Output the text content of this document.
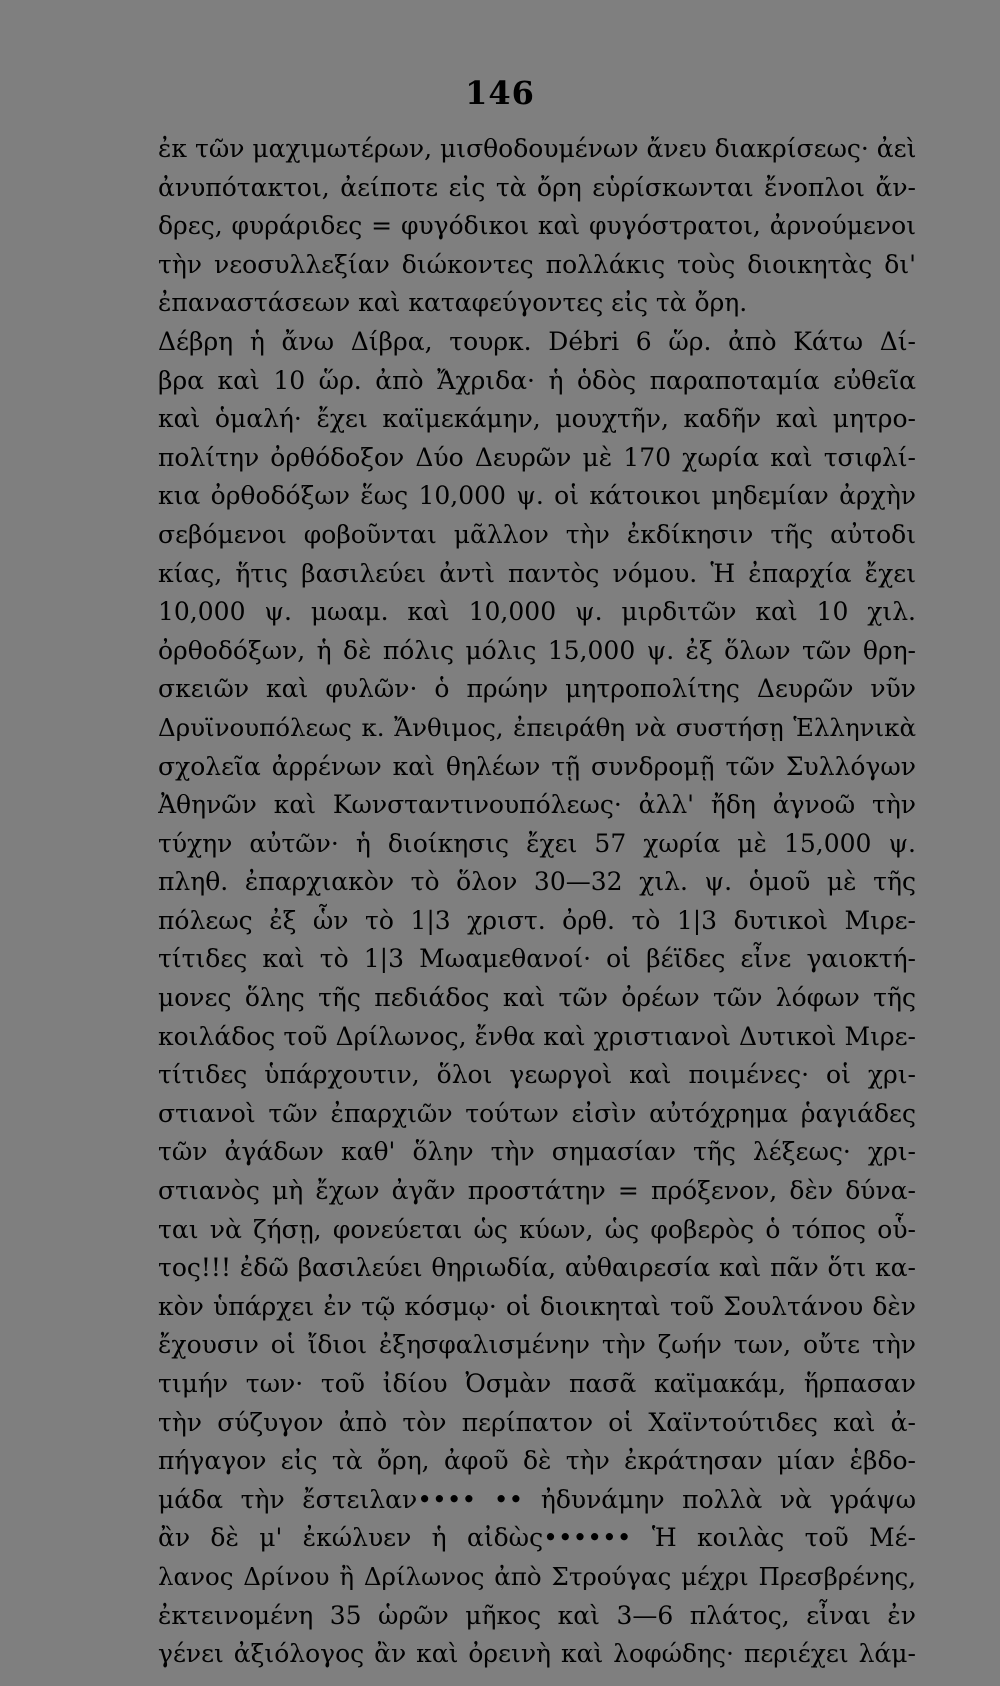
146
ἐκ τῶν μαχιμωτέρων, μισθοδουμένων ἄνευ διακρίσεως· ἀεὶ
ἀνυπότακτοι, ἀείποτε εἰς τὰ ὄρη εὑρίσκωνται ἔνοπλοι ἄν-
δρες, φυράριδες = φυγόδικοι καὶ φυγόστρατοι, ἀρνούμενοι
τὴν νεοσυλλεξίαν διώκοντες πολλάκις τοὺς διοικητὰς δι'
ἐπαναστάσεων καὶ καταφεύγοντες εἰς τὰ ὄρη.
Δέβρη ἡ ἄνω Δίβρα, τουρκ. Débri 6 ὥρ. ἀπὸ Κάτω Δί-
βρα καὶ 10 ὥρ. ἀπὸ Ἄχριδα· ἡ ὁδὸς παραποταμία εὐθεῖα
καὶ ὁμαλή· ἔχει καϊμεκάμην, μουχτῆν, καδῆν καὶ μητρο-
πολίτην ὀρθόδοξον Δύο Δευρῶν μὲ 170 χωρία καὶ τσιφλί-
κια ὀρθοδόξων ἕως 10,000 ψ. οἱ κάτοικοι μηδεμίαν ἀρχὴν
σεβόμενοι φοβοῦνται μᾶλλον τὴν ἐκδίκησιν τῆς αὐτοδι
κίας, ἥτις βασιλεύει ἀντὶ παντὸς νόμου. Ἡ ἐπαρχία ἔχει
10,000 ψ. μωαμ. καὶ 10,000 ψ. μιρδιτῶν καὶ 10 χιλ.
ὀρθοδόξων, ἡ δὲ πόλις μόλις 15,000 ψ. ἐξ ὅλων τῶν θρη-
σκειῶν καὶ φυλῶν· ὁ πρώην μητροπολίτης Δευρῶν νῦν
Δρυϊνουπόλεως κ. Ἄνθιμος, ἐπειράθη νὰ συστήσῃ Ἑλληνικὰ
σχολεῖα ἀρρένων καὶ θηλέων τῇ συνδρομῇ τῶν Συλλόγων
Ἀθηνῶν καὶ Κωνσταντινουπόλεως· ἀλλ' ἤδη ἀγνοῶ τὴν
τύχην αὐτῶν· ἡ διοίκησις ἔχει 57 χωρία μὲ 15,000 ψ.
πληθ. ἐπαρχιακὸν τὸ ὅλον 30—32 χιλ. ψ. ὁμοῦ μὲ τῆς
πόλεως ἐξ ὧν τὸ 1|3 χριστ. ὀρθ. τὸ 1|3 δυτικοὶ Μιρε-
τίτιδες καὶ τὸ 1|3 Μωαμεθανοί· οἱ βέϊδες εἶνε γαιοκτή-
μονες ὅλης τῆς πεδιάδος καὶ τῶν ὀρέων τῶν λόφων τῆς
κοιλάδος τοῦ Δρίλωνος, ἔνθα καὶ χριστιανοὶ Δυτικοὶ Μιρε-
τίτιδες ὑπάρχουτιν, ὅλοι γεωργοὶ καὶ ποιμένες· οἱ χρι-
στιανοὶ τῶν ἐπαρχιῶν τούτων εἰσὶν αὐτόχρημα ῥαγιάδες
τῶν ἀγάδων καθ' ὅλην τὴν σημασίαν τῆς λέξεως· χρι-
στιανὸς μὴ ἔχων ἀγᾶν προστάτην = πρόξενον, δὲν δύνα-
ται νὰ ζήσῃ, φονεύεται ὡς κύων, ὡς φοβερὸς ὁ τόπος οὗ-
τος!!! ἐδῶ βασιλεύει θηριωδία, αὐθαιρεσία καὶ πᾶν ὅτι κα-
κὸν ὑπάρχει ἐν τῷ κόσμῳ· οἱ διοικηταὶ τοῦ Σουλτάνου δὲν
ἔχουσιν οἱ ἴδιοι ἐξησφαλισμένην τὴν ζωήν των, οὔτε τὴν
τιμήν των· τοῦ ἰδίου Ὀσμὰν πασᾶ καϊμακάμ, ἥρπασαν
τὴν σύζυγον ἀπὸ τὸν περίπατον οἱ Χαϊντούτιδες καὶ ἀ-
πήγαγον εἰς τὰ ὄρη, ἀφοῦ δὲ τὴν ἐκράτησαν μίαν ἑβδο-
μάδα τὴν ἔστειλαν•••• •• ἠδυνάμην πολλὰ νὰ γράψω
ἂν δὲ μ' ἐκώλυεν ἡ αἰδὼς•••••• Ἡ κοιλὰς τοῦ Μέ-
λανος Δρίνου ἢ Δρίλωνος ἀπὸ Στρούγας μέχρι Πρεσβρένης,
ἐκτεινομένη 35 ὡρῶν μῆκος καὶ 3—6 πλάτος, εἶναι ἐν
γένει ἀξιόλογος ἂν καὶ ὀρεινὴ καὶ λοφώδης· περιέχει λάμ-
